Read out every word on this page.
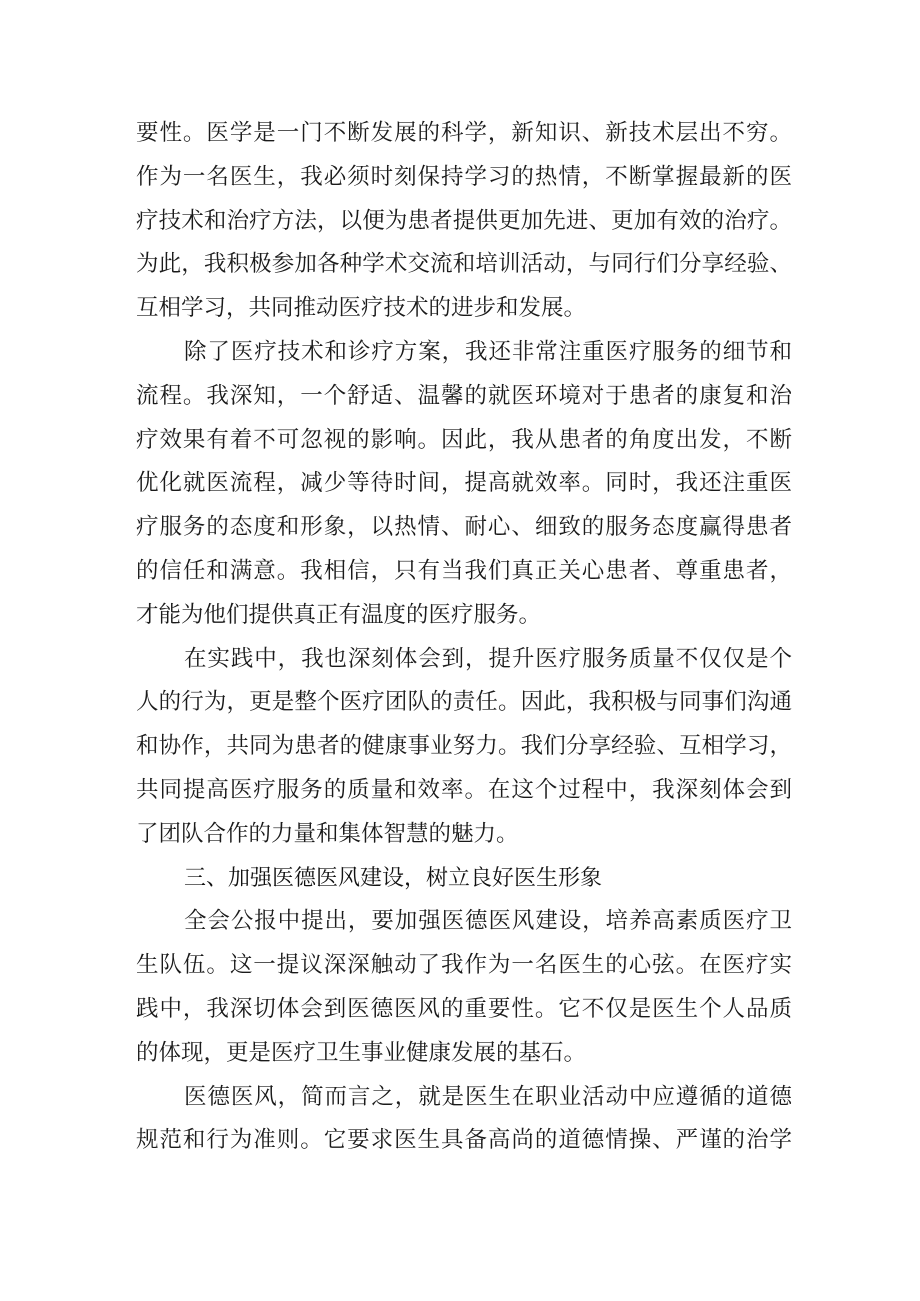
要性。医学是一门不断发展的科学，新知识、新技术层出不穷。
作为一名医生，我必须时刻保持学习的热情，不断掌握最新的医
疗技术和治疗方法，以便为患者提供更加先进、更加有效的治疗。
为此，我积极参加各种学术交流和培训活动，与同行们分享经验、
互相学习，共同推动医疗技术的进步和发展。
除了医疗技术和诊疗方案，我还非常注重医疗服务的细节和
流程。我深知，一个舒适、温馨的就医环境对于患者的康复和治
疗效果有着不可忽视的影响。因此，我从患者的角度出发，不断
优化就医流程，减少等待时间，提高就效率。同时，我还注重医
疗服务的态度和形象，以热情、耐心、细致的服务态度赢得患者
的信任和满意。我相信，只有当我们真正关心患者、尊重患者，
才能为他们提供真正有温度的医疗服务。
在实践中，我也深刻体会到，提升医疗服务质量不仅仅是个
人的行为，更是整个医疗团队的责任。因此，我积极与同事们沟通
和协作，共同为患者的健康事业努力。我们分享经验、互相学习，
共同提高医疗服务的质量和效率。在这个过程中，我深刻体会到
了团队合作的力量和集体智慧的魅力。
三、加强医德医风建设，树立良好医生形象
全会公报中提出，要加强医德医风建设，培养高素质医疗卫
生队伍。这一提议深深触动了我作为一名医生的心弦。在医疗实
践中，我深切体会到医德医风的重要性。它不仅是医生个人品质
的体现，更是医疗卫生事业健康发展的基石。
医德医风，简而言之，就是医生在职业活动中应遵循的道德
规范和行为准则。它要求医生具备高尚的道德情操、严谨的治学
